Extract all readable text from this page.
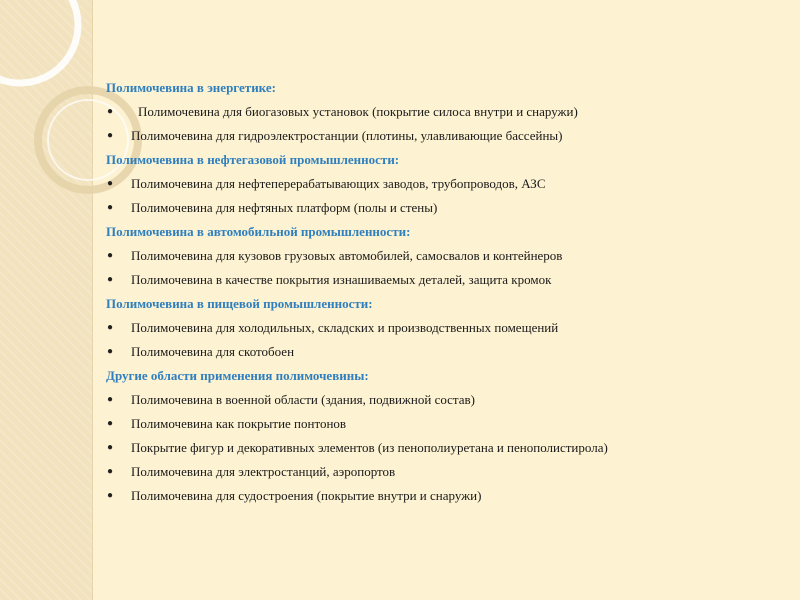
Полимочевина в энергетике:
● Полимочевина для биогазовых установок (покрытие силоса внутри и снаружи)
● Полимочевина для гидроэлектростанции (плотины, улавливающие бассейны)
Полимочевина в нефтегазовой промышленности:
● Полимочевина для нефтеперерабатывающих заводов, трубопроводов, АЗС
● Полимочевина для нефтяных платформ (полы и стены)
Полимочевина в автомобильной промышленности:
● Полимочевина для кузовов грузовых автомобилей, самосвалов и контейнеров
● Полимочевина в качестве покрытия изнашиваемых деталей, защита кромок
Полимочевина в пищевой промышленности:
● Полимочевина для холодильных, складских и производственных помещений
● Полимочевина для скотобоен
Другие области применения полимочевины:
● Полимочевина в военной области (здания, подвижной состав)
● Полимочевина как покрытие понтонов
● Покрытие фигур и декоративных элементов (из пенополиуретана и пенополистирола)
● Полимочевина для электростанций, аэропортов
● Полимочевина для судостроения (покрытие внутри и снаружи)
